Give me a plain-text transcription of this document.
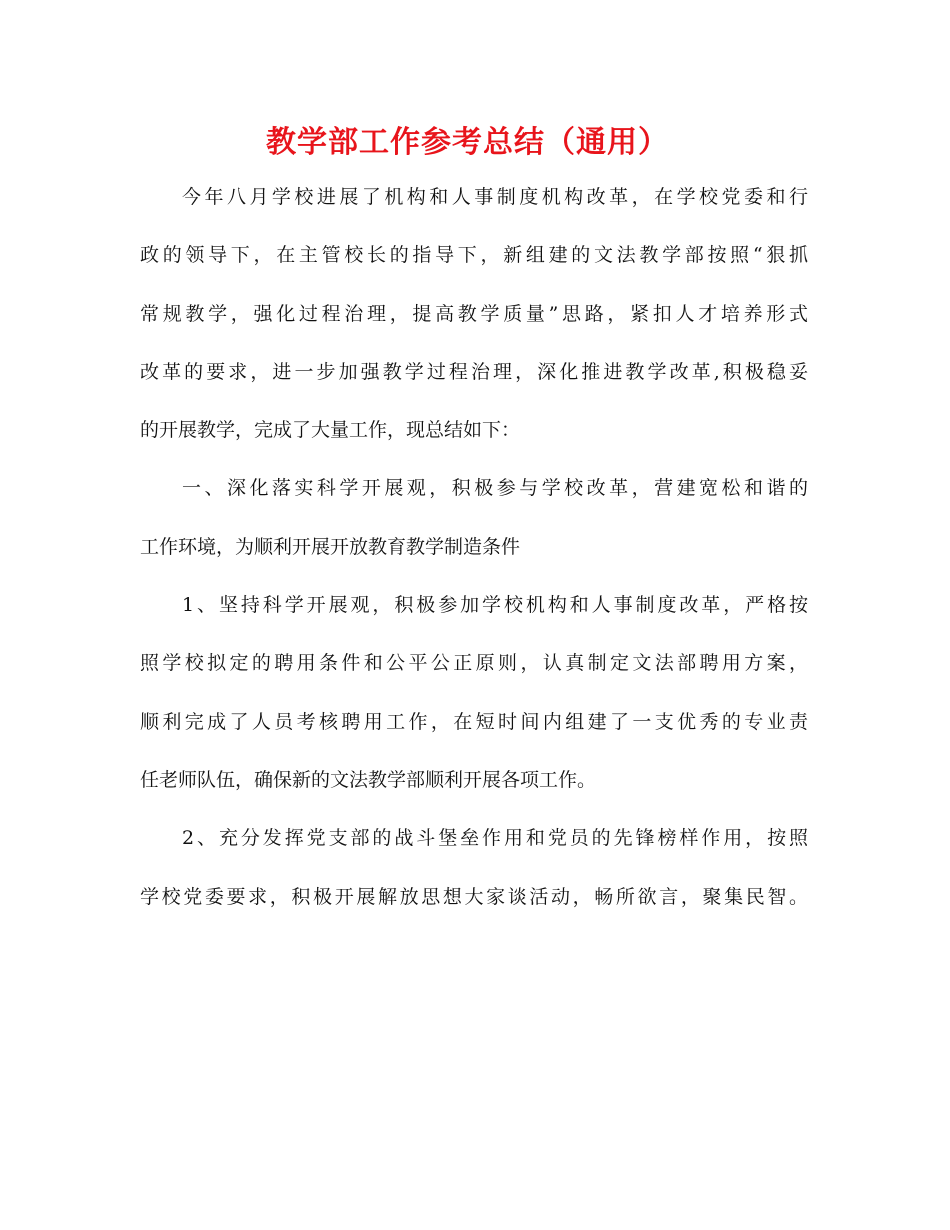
教学部工作参考总结（通用）
今年八月学校进展了机构和人事制度机构改革，在学校党委和行
政的领导下，在主管校长的指导下，新组建的文法教学部按照“狠抓
常规教学，强化过程治理，提高教学质量”思路，紧扣人才培养形式
改革的要求，进一步加强教学过程治理，深化推进教学改革,积极稳妥
的开展教学，完成了大量工作，现总结如下：
一、深化落实科学开展观，积极参与学校改革，营建宽松和谐的
工作环境，为顺利开展开放教育教学制造条件
1、坚持科学开展观，积极参加学校机构和人事制度改革，严格按
照学校拟定的聘用条件和公平公正原则，认真制定文法部聘用方案，
顺利完成了人员考核聘用工作，在短时间内组建了一支优秀的专业责
任老师队伍，确保新的文法教学部顺利开展各项工作。
2、充分发挥党支部的战斗堡垒作用和党员的先锋榜样作用，按照
学校党委要求，积极开展解放思想大家谈活动，畅所欲言，聚集民智。
